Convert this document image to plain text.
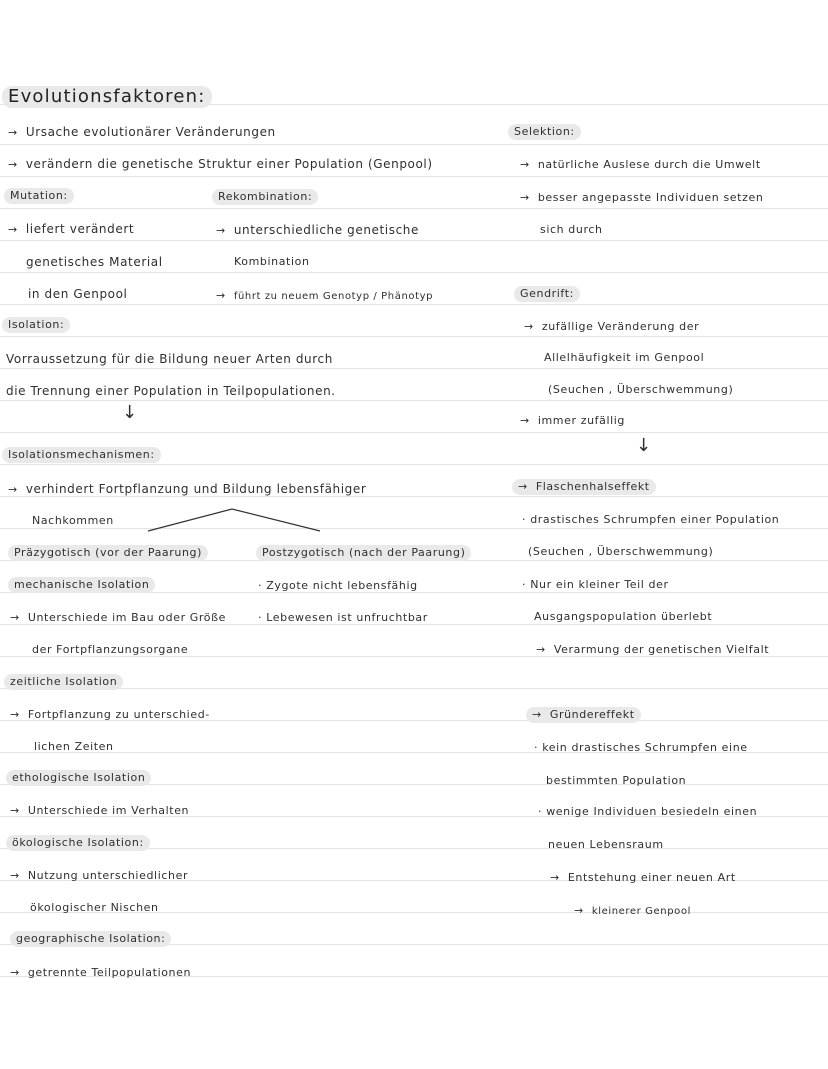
Evolutionsfaktoren:
→ Ursache evolutionärer Veränderungen
→ verändern die genetische Struktur einer Population (Genpool)
Mutation:
→ liefert verändert
genetisches Material
in den Genpool
Rekombination:
→ unterschiedliche genetische
Kombination
→ führt zu neuem Genotyp / Phänotyp
Isolation:
Vorraussetzung für die Bildung neuer Arten durch
die Trennung einer Population in Teilpopulationen.
↓
Isolationsmechanismen:
→ verhindert Fortpflanzung und Bildung lebensfähiger
Nachkommen
Präzygotisch (vor der Paarung)
mechanische Isolation
→ Unterschiede im Bau oder Größe
der Fortpflanzungsorgane
zeitliche Isolation
→ Fortpflanzung zu unterschied-
lichen Zeiten
ethologische Isolation
→ Unterschiede im Verhalten
ökologische Isolation:
→ Nutzung unterschiedlicher
ökologischer Nischen
geographische Isolation:
→ getrennte Teilpopulationen
Postzygotisch (nach der Paarung)
· Zygote nicht lebensfähig
· Lebewesen ist unfruchtbar
Selektion:
→ natürliche Auslese durch die Umwelt
→ besser angepasste Individuen setzen
sich durch
Gendrift:
→ zufällige Veränderung der
Allelhäufigkeit im Genpool
(Seuchen , Überschwemmung)
→ immer zufällig
↓
→ Flaschenhalseffekt
· drastisches Schrumpfen einer Population
(Seuchen , Überschwemmung)
· Nur ein kleiner Teil der
Ausgangspopulation überlebt
→ Verarmung der genetischen Vielfalt
→ Gründereffekt
· kein drastisches Schrumpfen eine
bestimmten Population
· wenige Individuen besiedeln einen
neuen Lebensraum
→ Entstehung einer neuen Art
→ kleinerer Genpool
